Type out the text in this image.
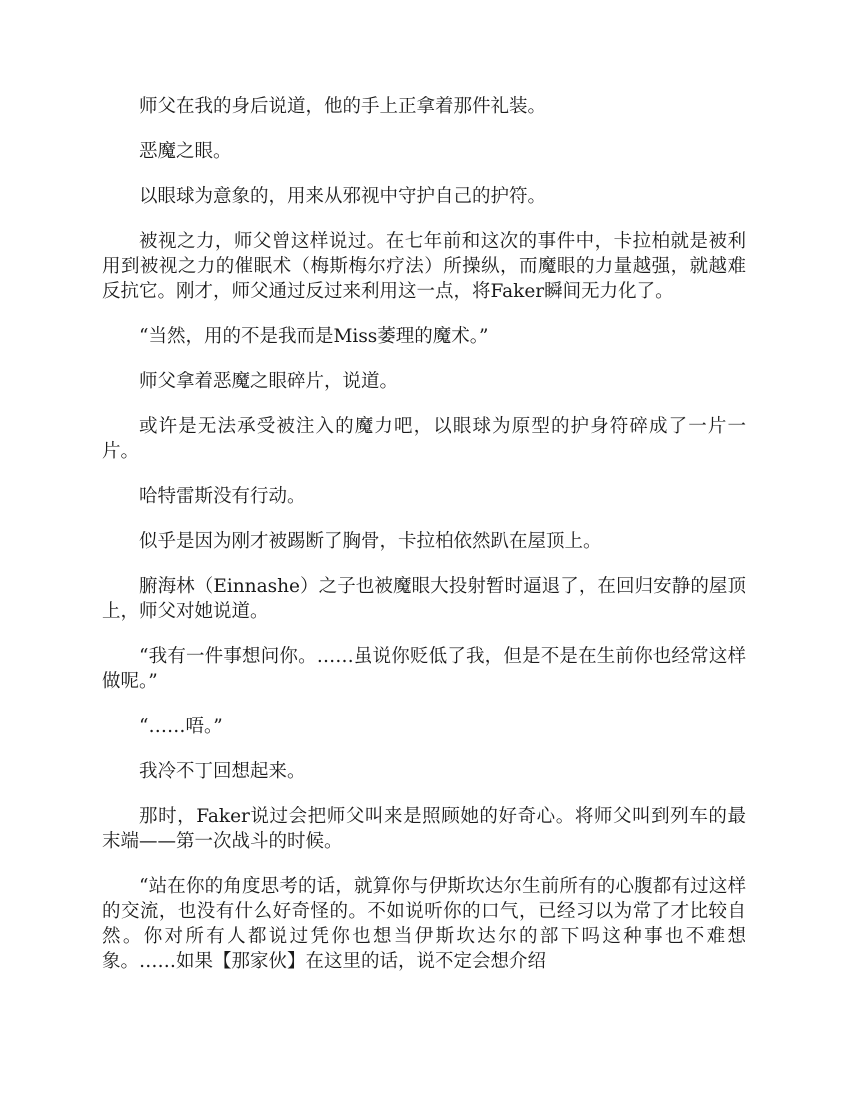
师父在我的身后说道，他的手上正拿着那件礼装。

恶魔之眼。

以眼球为意象的，用来从邪视中守护自己的护符。

被视之力，师父曾这样说过。在七年前和这次的事件中，卡拉柏就是被利用到被视之力的催眠术（梅斯梅尔疗法）所操纵，而魔眼的力量越强，就越难反抗它。刚才，师父通过反过来利用这一点，将Faker瞬间无力化了。

“当然，用的不是我而是Miss萎理的魔术。”

师父拿着恶魔之眼碎片，说道。

或许是无法承受被注入的魔力吧，以眼球为原型的护身符碎成了一片一片。

哈特雷斯没有行动。

似乎是因为刚才被踢断了胸骨，卡拉柏依然趴在屋顶上。

腑海林（Einnashe）之子也被魔眼大投射暂时逼退了，在回归安静的屋顶上，师父对她说道。

“我有一件事想问你。……虽说你贬低了我，但是不是在生前你也经常这样做呢。”

“……唔。”

我冷不丁回想起来。

那时，Faker说过会把师父叫来是照顾她的好奇心。将师父叫到列车的最末端——第一次战斗的时候。

“站在你的角度思考的话，就算你与伊斯坎达尔生前所有的心腹都有过这样的交流，也没有什么好奇怪的。不如说听你的口气，已经习以为常了才比较自然。你对所有人都说过凭你也想当伊斯坎达尔的部下吗这种事也不难想象。……如果【那家伙】在这里的话，说不定会想介绍
